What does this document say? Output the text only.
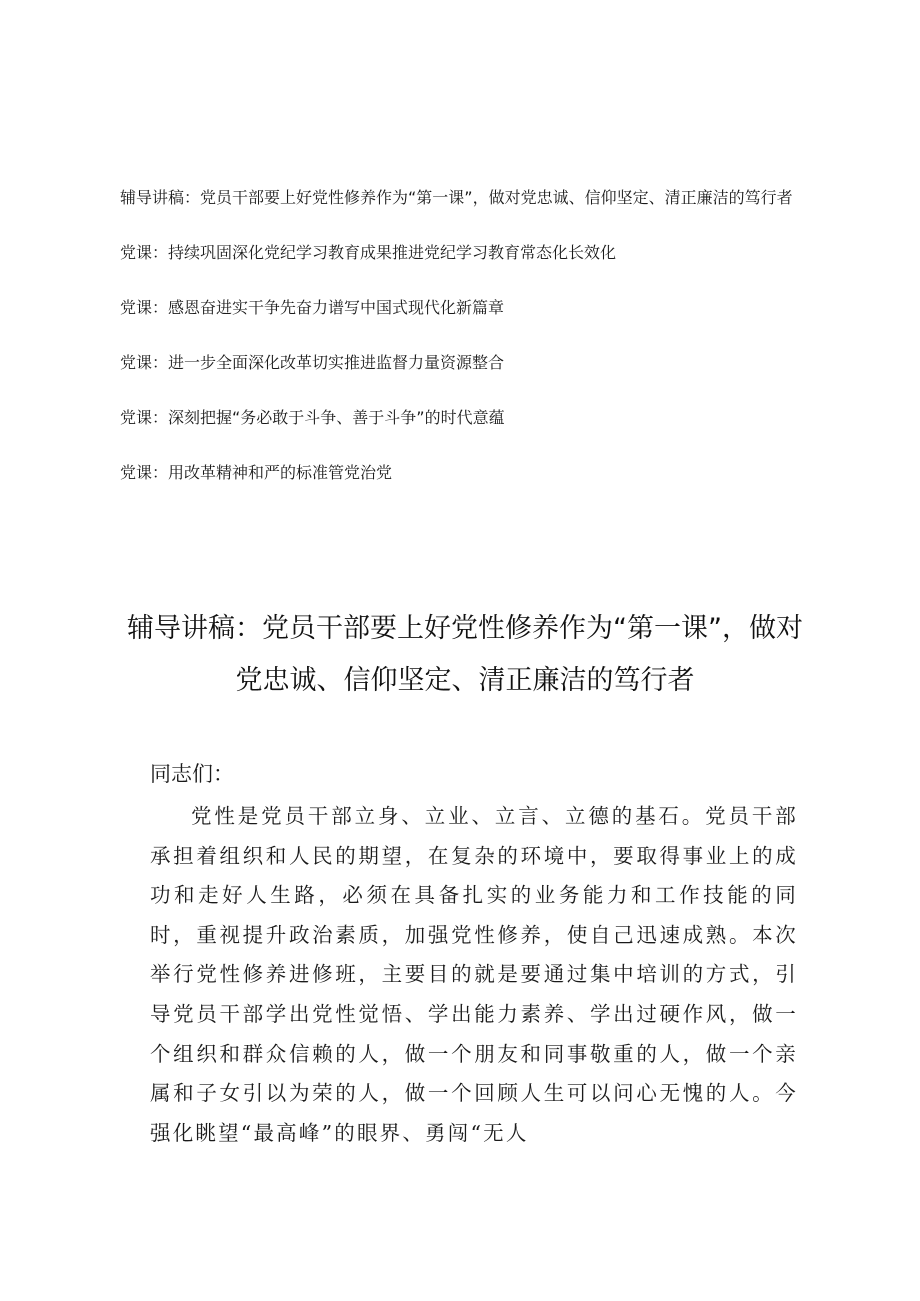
辅导讲稿：党员干部要上好党性修养作为“第一课”，做对党忠诚、信仰坚定、清正廉洁的笃行者

党课：持续巩固深化党纪学习教育成果推进党纪学习教育常态化长效化

党课：感恩奋进实干争先奋力谱写中国式现代化新篇章

党课：进一步全面深化改革切实推进监督力量资源整合

党课：深刻把握“务必敢于斗争、善于斗争”的时代意蕴

党课：用改革精神和严的标准管党治党

辅导讲稿：党员干部要上好党性修养作为“第一课”，做对党忠诚、信仰坚定、清正廉洁的笃行者

同志们：

党性是党员干部立身、立业、立言、立德的基石。党员干部承担着组织和人民的期望，在复杂的环境中，要取得事业上的成功和走好人生路，必须在具备扎实的业务能力和工作技能的同时，重视提升政治素质，加强党性修养，使自己迅速成熟。本次举行党性修养进修班，主要目的就是要通过集中培训的方式，引导党员干部学出党性觉悟、学出能力素养、学出过硬作风，做一个组织和群众信赖的人，做一个朋友和同事敬重的人，做一个亲属和子女引以为荣的人，做一个回顾人生可以问心无愧的人。今强化眺望“最高峰”的眼界、勇闯“无人
